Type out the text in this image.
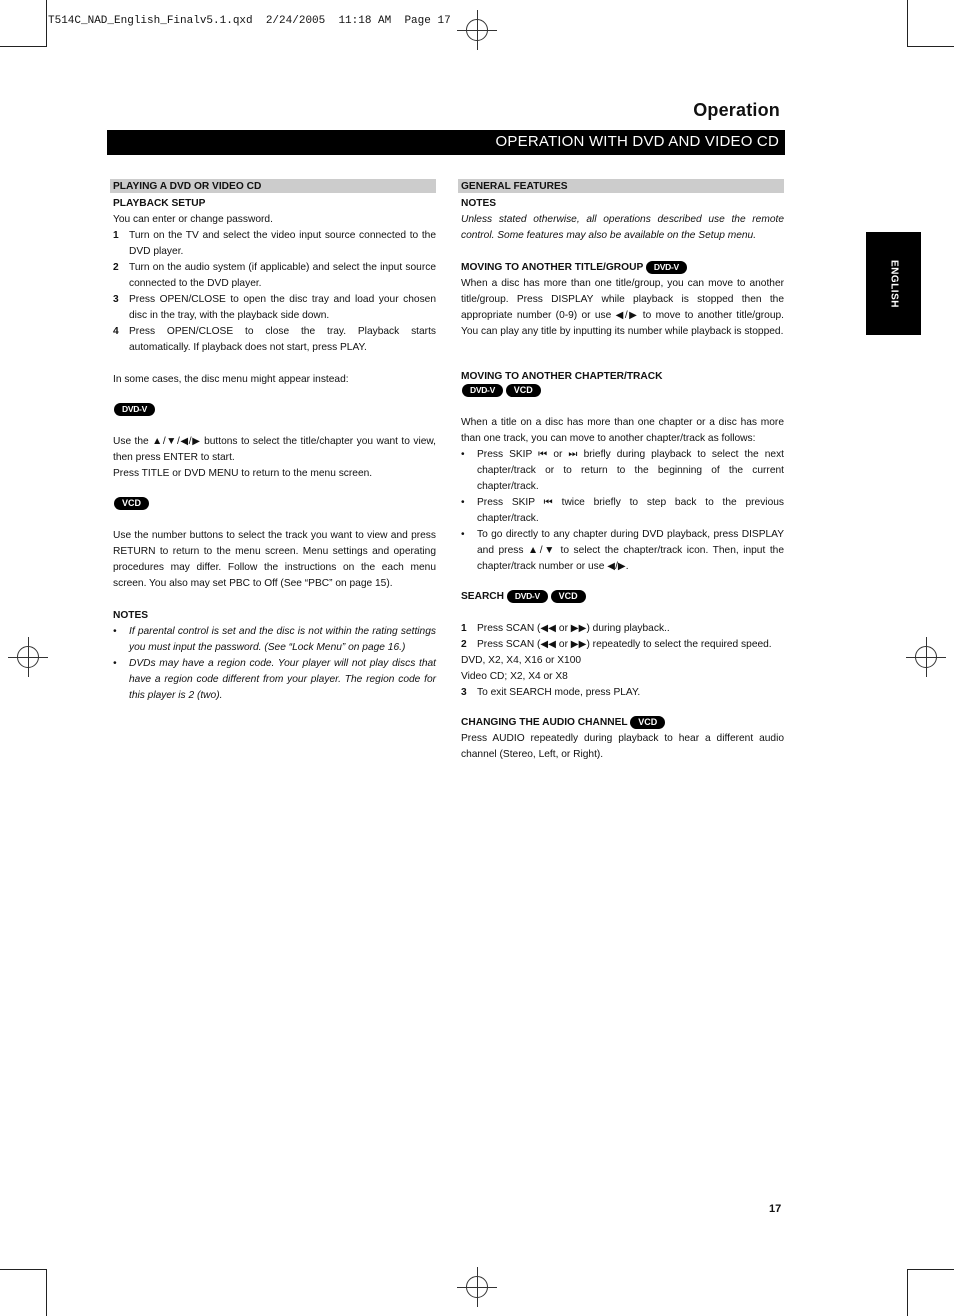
T514C_NAD_English_Finalv5.1.qxd  2/24/2005  11:18 AM  Page 17
Operation
OPERATION WITH DVD AND VIDEO CD
ENGLISH
PLAYING A DVD OR VIDEO CD
PLAYBACK SETUP

You can enter or change password.

1	Turn on the TV and select the video input source connected to the DVD player.
2	Turn on the audio system (if applicable) and select the input source connected to the DVD player.
3	Press OPEN/CLOSE to open the disc tray and load your chosen disc in the tray, with the playback side down.
4	Press OPEN/CLOSE to close the tray. Playback starts automatically. If playback does not start, press PLAY.

In some cases, the disc menu might appear instead:

DVD-V

Use the ▲/▼/◀/▶ buttons to select the title/chapter you want to view, then press ENTER to start.

Press TITLE or DVD MENU to return to the menu screen.

VCD

Use the number buttons to select the track you want to view and press RETURN to return to the menu screen. Menu settings and operating procedures may differ. Follow the instructions on the each menu screen. You also may set PBC to Off (See “PBC” on page 15).

NOTES
•	If parental control is set and the disc is not within the rating settings you must input the password. (See “Lock Menu” on page 16.)
•	DVDs may have a region code. Your player will not play discs that have a region code different from your player. The region code for this player is 2 (two).
GENERAL FEATURES
NOTES

Unless stated otherwise, all operations described use the remote control. Some features may also be available on the Setup menu.

MOVING TO ANOTHER TITLE/GROUP DVD-V

When a disc has more than one title/group, you can move to another title/group. Press DISPLAY while playback is stopped then the appropriate number (0-9) or use ◀/▶ to move to another title/group. You can play any title by inputting its number while playback is stopped.

MOVING TO ANOTHER CHAPTER/TRACK
DVD-V VCD

When a title on a disc has more than one chapter or a disc has more than one track, you can move to another chapter/track as follows:

•	Press SKIP ⏮ or ⏭ briefly during playback to select the next chapter/track or to return to the beginning of the current chapter/track.
•	Press SKIP ⏮ twice briefly to step back to the previous chapter/track.
•	To go directly to any chapter during DVD playback, press DISPLAY and press ▲/▼ to select the chapter/track icon. Then, input the chapter/track number or use ◀/▶.
SEARCH DVD-V VCD
1	Press SCAN (◀◀ or ▶▶) during playback..
2	Press SCAN (◀◀ or ▶▶) repeatedly to select the required speed.

DVD, X2, X4, X16 or X100

Video CD; X2, X4 or X8

3	To exit SEARCH mode, press PLAY.
CHANGING THE AUDIO CHANNEL VCD

Press AUDIO repeatedly during playback to hear a different audio channel (Stereo, Left, or Right).

17
